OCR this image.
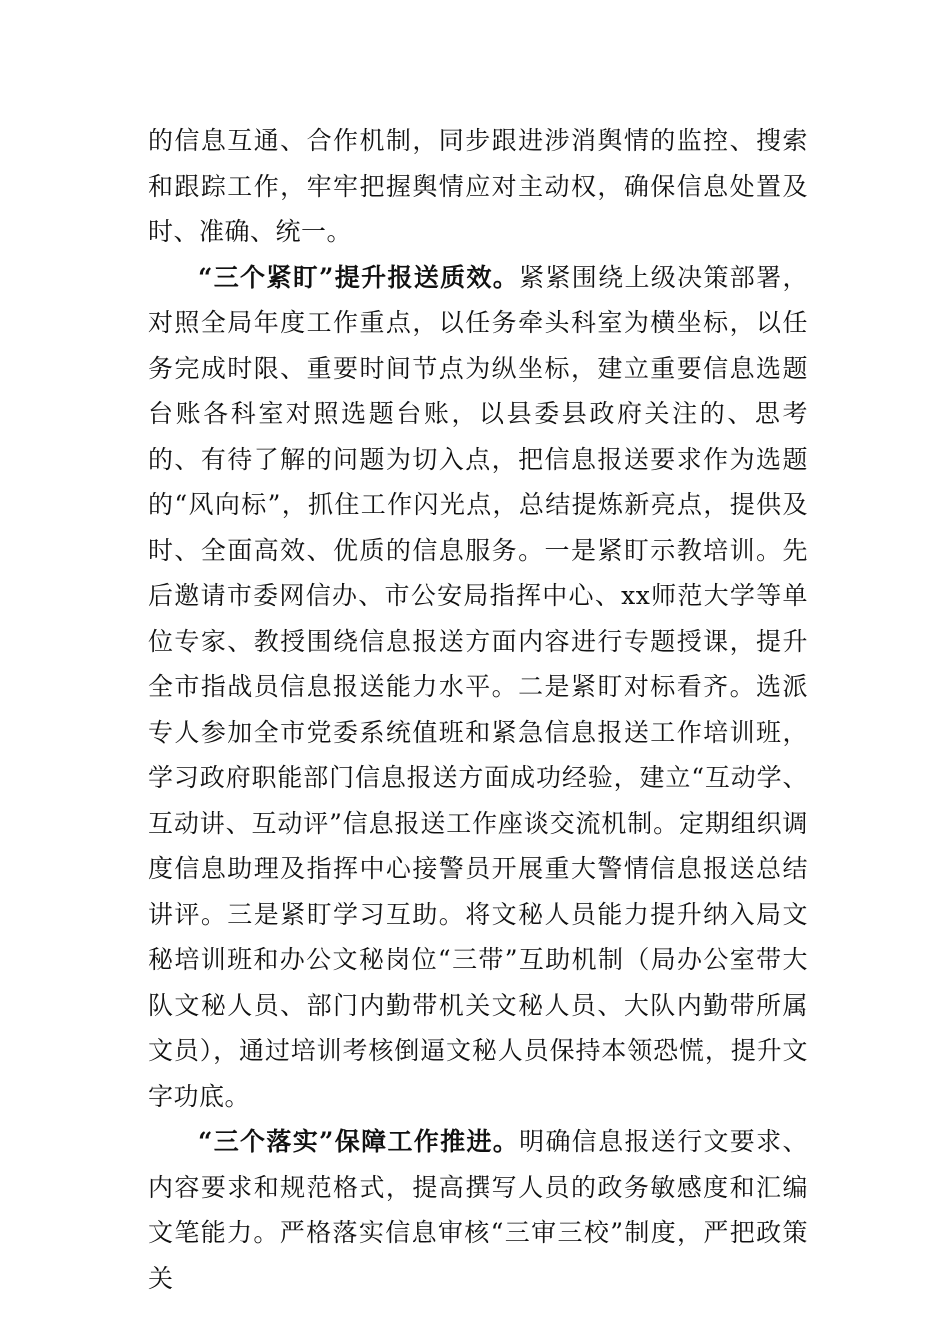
的信息互通、合作机制，同步跟进涉消舆情的监控、搜索和跟踪工作，牢牢把握舆情应对主动权，确保信息处置及时、准确、统一。

“三个紧盯”提升报送质效。紧紧围绕上级决策部署，对照全局年度工作重点，以任务牵头科室为横坐标，以任务完成时限、重要时间节点为纵坐标，建立重要信息选题台账各科室对照选题台账，以县委县政府关注的、思考的、有待了解的问题为切入点，把信息报送要求作为选题的“风向标”，抓住工作闪光点，总结提炼新亮点，提供及时、全面高效、优质的信息服务。一是紧盯示教培训。先后邀请市委网信办、市公安局指挥中心、xx师范大学等单位专家、教授围绕信息报送方面内容进行专题授课，提升全市指战员信息报送能力水平。二是紧盯对标看齐。选派专人参加全市党委系统值班和紧急信息报送工作培训班，学习政府职能部门信息报送方面成功经验，建立“互动学、互动讲、互动评”信息报送工作座谈交流机制。定期组织调度信息助理及指挥中心接警员开展重大警情信息报送总结讲评。三是紧盯学习互助。将文秘人员能力提升纳入局文秘培训班和办公文秘岗位“三带”互助机制（局办公室带大队文秘人员、部门内勤带机关文秘人员、大队内勤带所属文员），通过培训考核倒逼文秘人员保持本领恐慌，提升文字功底。

“三个落实”保障工作推进。明确信息报送行文要求、内容要求和规范格式，提高撰写人员的政务敏感度和汇编文笔能力。严格落实信息审核“三审三校”制度，严把政策关
